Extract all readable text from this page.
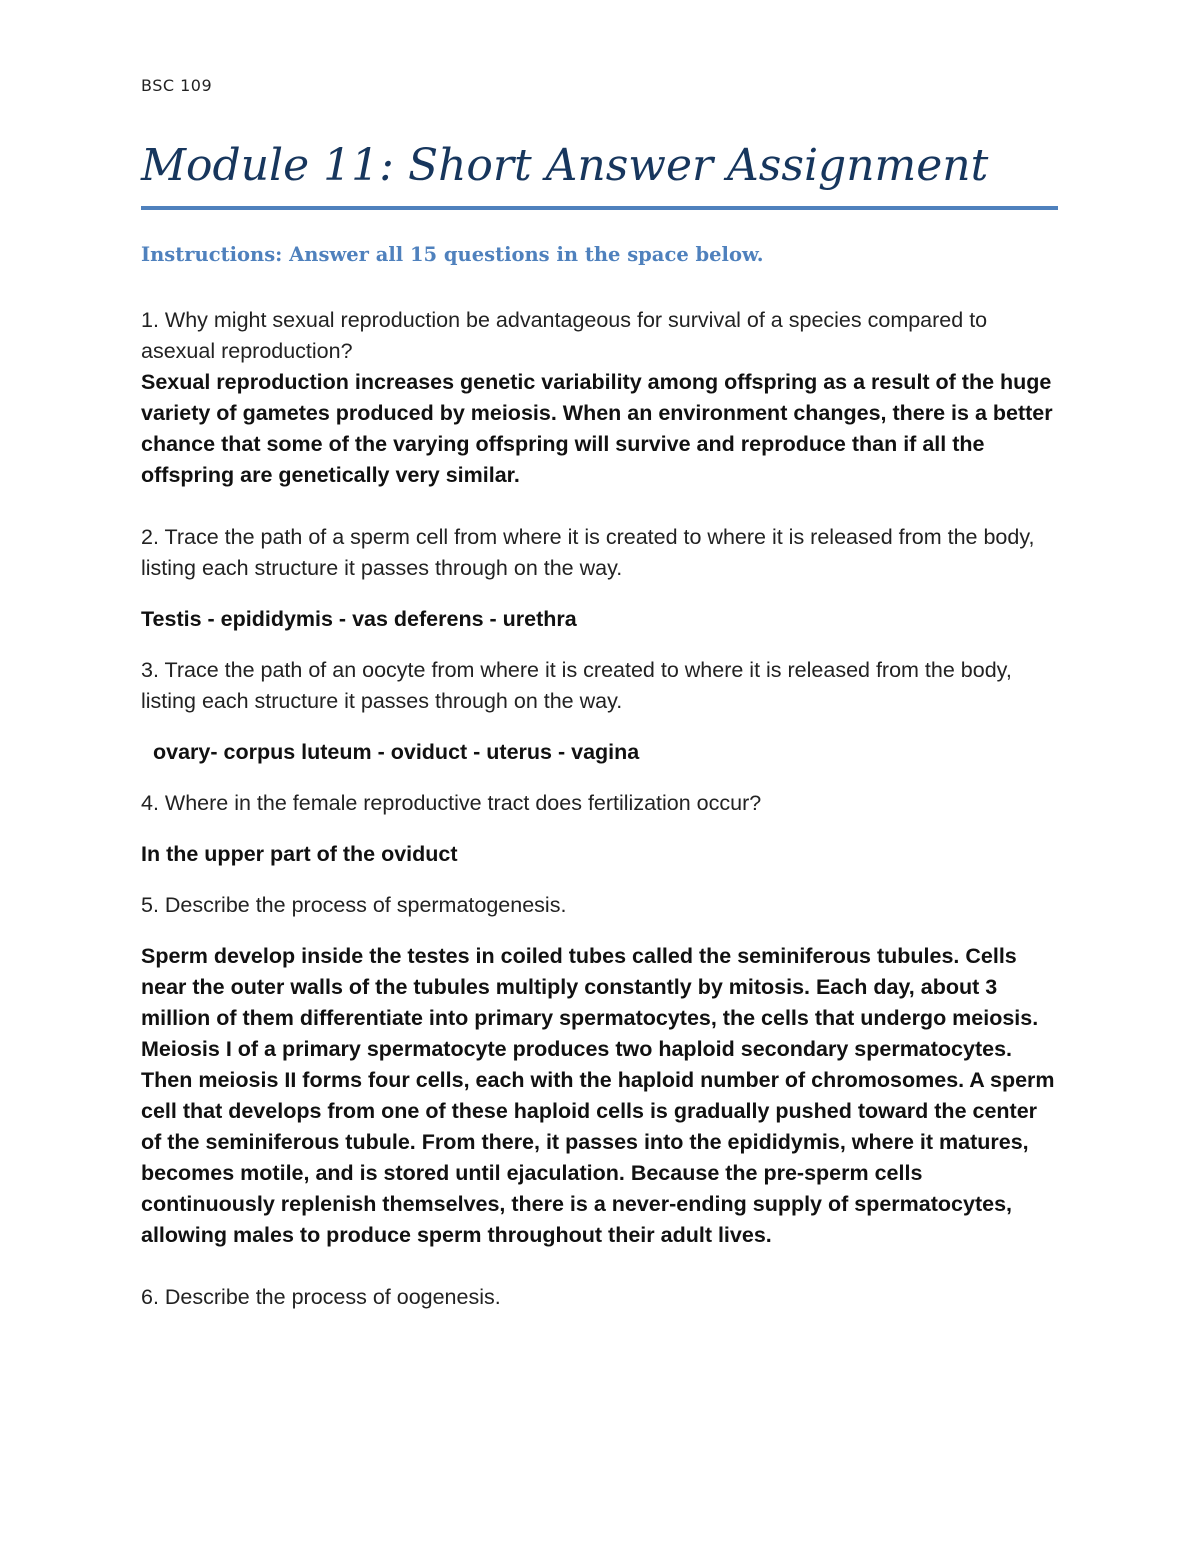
BSC 109
Module 11: Short Answer Assignment
Instructions: Answer all 15 questions in the space below.

1. Why might sexual reproduction be advantageous for survival of a species compared to asexual reproduction?

Sexual reproduction increases genetic variability among offspring as a result of the huge variety of gametes produced by meiosis. When an environment changes, there is a better chance that some of the varying offspring will survive and reproduce than if all the offspring are genetically very similar.

2. Trace the path of a sperm cell from where it is created to where it is released from the body, listing each structure it passes through on the way.

Testis - epididymis - vas deferens - urethra

3. Trace the path of an oocyte from where it is created to where it is released from the body, listing each structure it passes through on the way.

ovary- corpus luteum - oviduct - uterus - vagina

4. Where in the female reproductive tract does fertilization occur?

In the upper part of the oviduct

5. Describe the process of spermatogenesis.

Sperm develop inside the testes in coiled tubes called the seminiferous tubules. Cells near the outer walls of the tubules multiply constantly by mitosis. Each day, about 3 million of them differentiate into primary spermatocytes, the cells that undergo meiosis. Meiosis I of a primary spermatocyte produces two haploid secondary spermatocytes. Then meiosis II forms four cells, each with the haploid number of chromosomes. A sperm cell that develops from one of these haploid cells is gradually pushed toward the center of the seminiferous tubule. From there, it passes into the epididymis, where it matures, becomes motile, and is stored until ejaculation. Because the pre-sperm cells continuously replenish themselves, there is a never-ending supply of spermatocytes, allowing males to produce sperm throughout their adult lives.

6. Describe the process of oogenesis.
